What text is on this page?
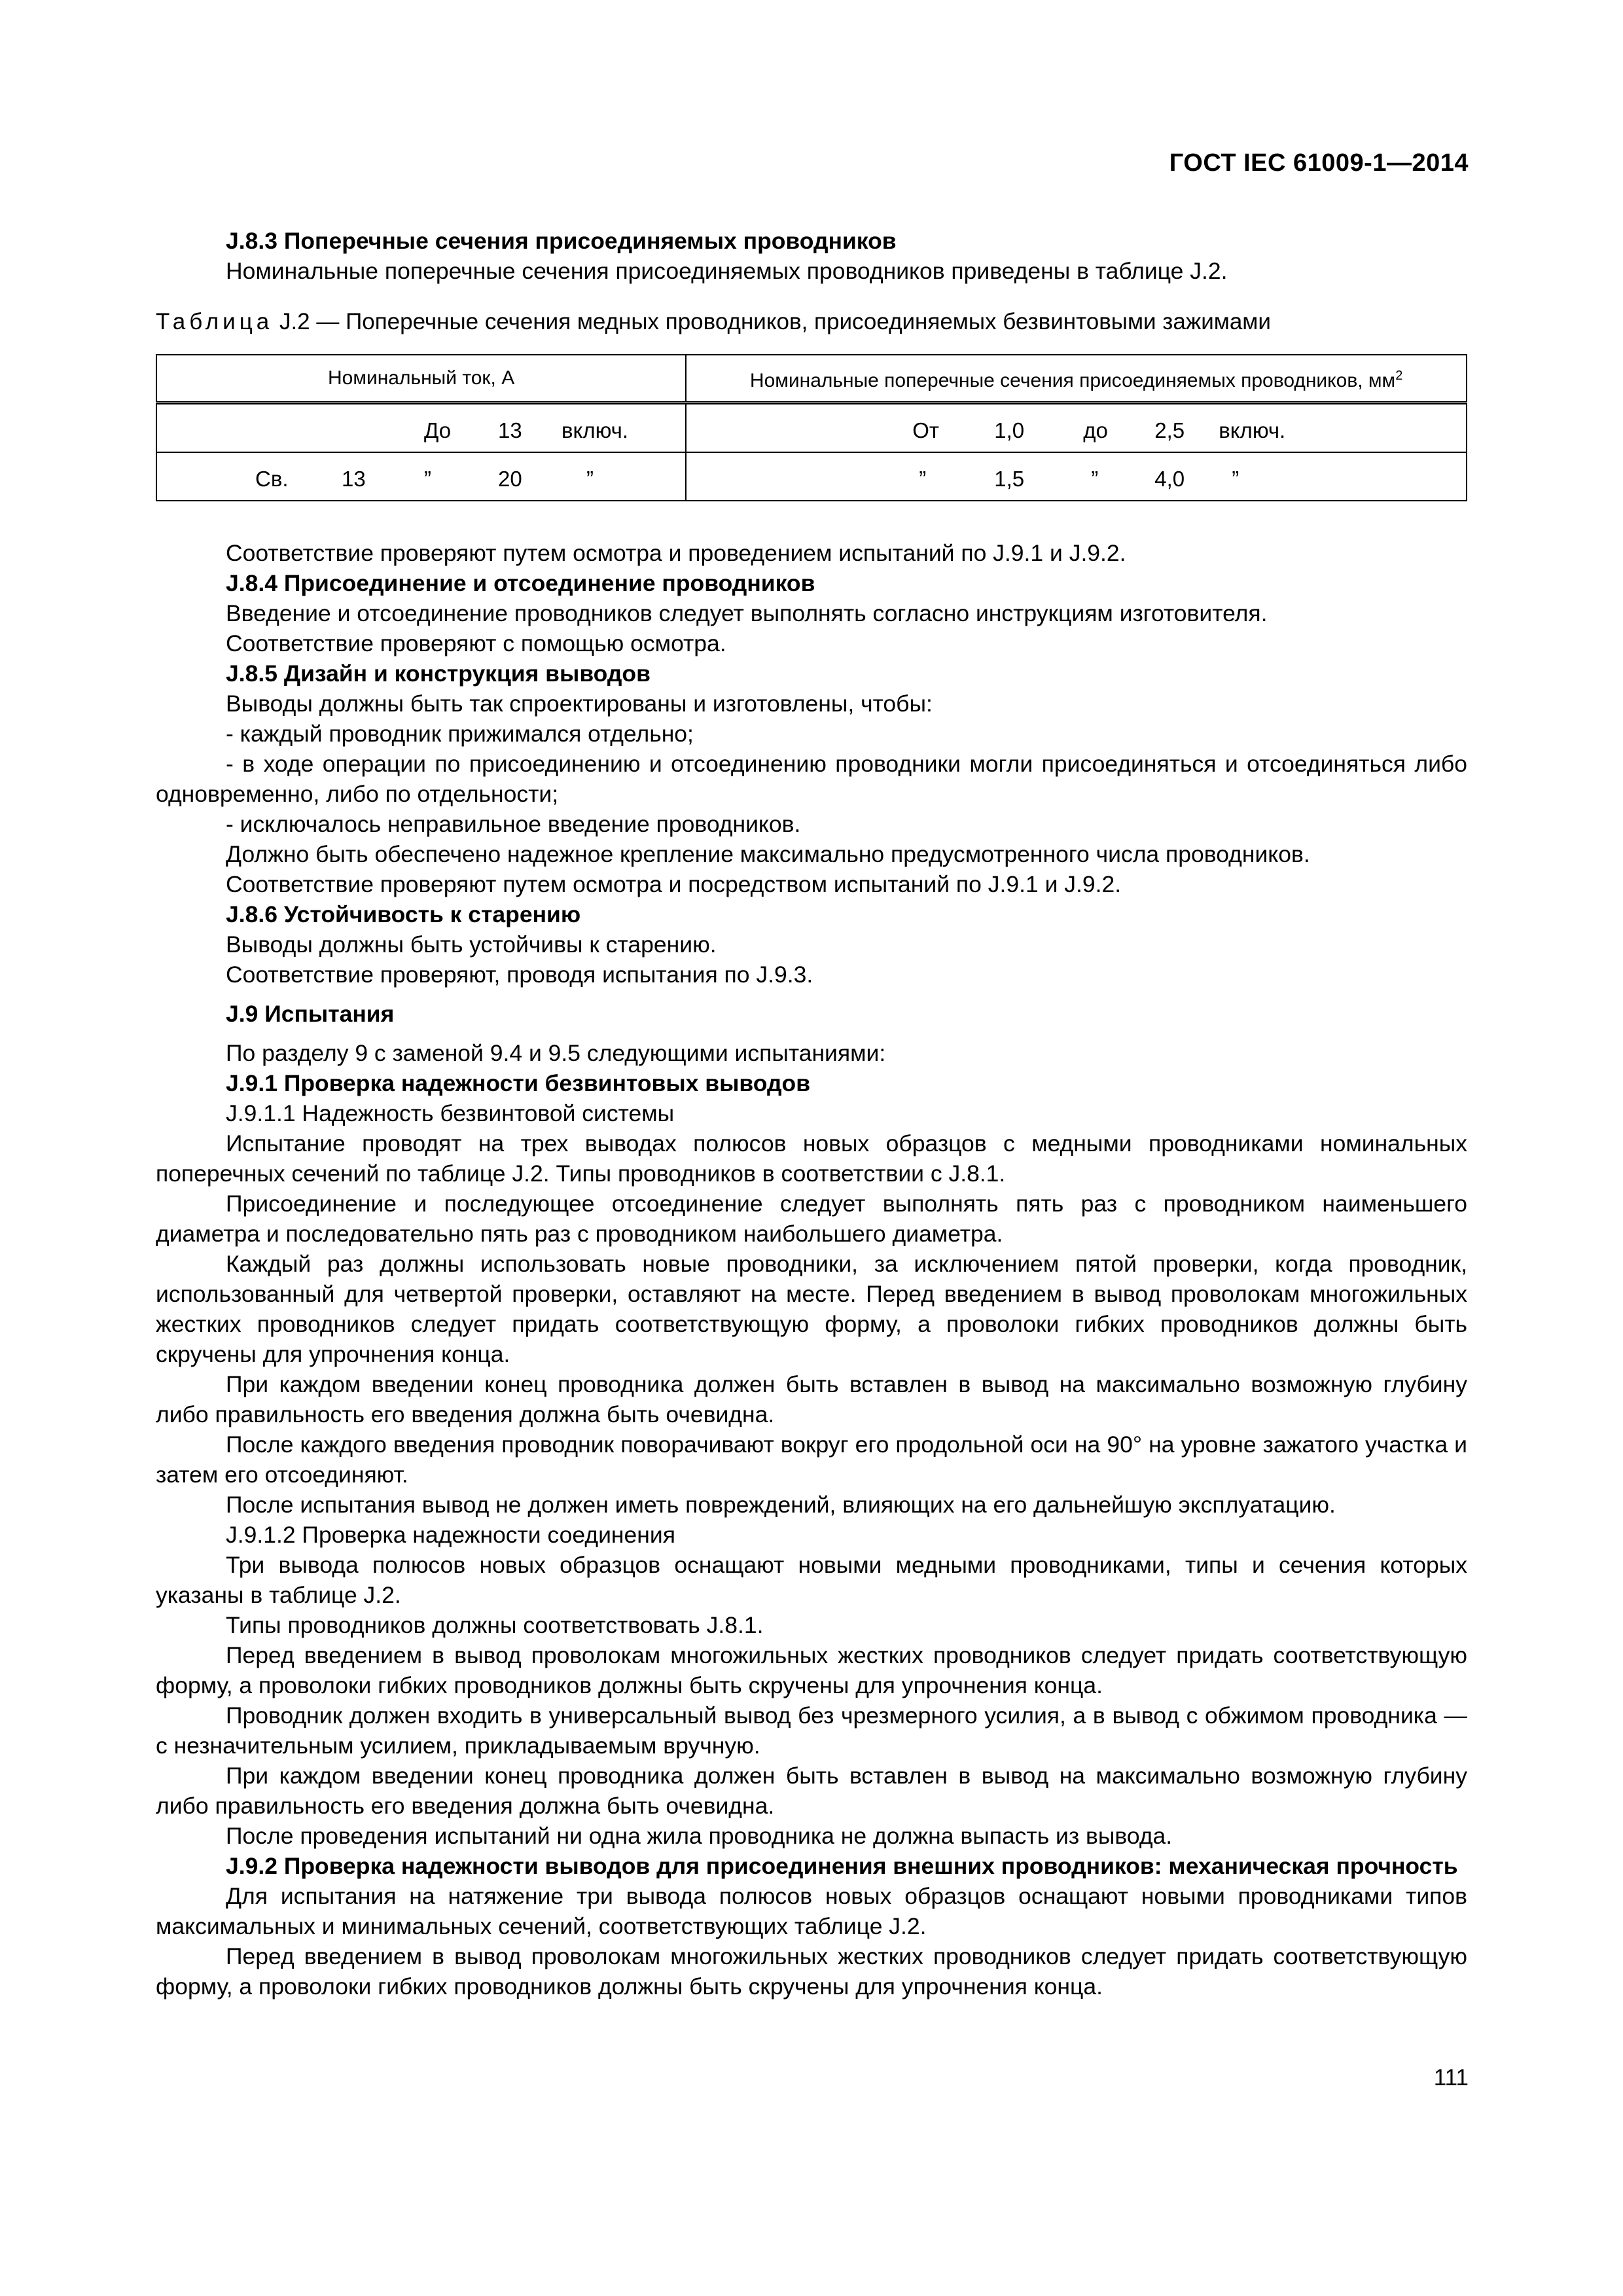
ГОСТ IEC 61009-1—2014

J.8.3 Поперечные сечения присоединяемых проводников

Номинальные поперечные сечения присоединяемых проводников приведены в таблице J.2.

Таблица J.2 — Поперечные сечения медных проводников, присоединяемых безвинтовыми зажимами

Номинальный ток, А	Номинальные поперечные сечения присоединяемых проводников, $мм^2$

До 13 включ.	От 1,0 до 2,5 включ.

Св. 13 ” 20 ”	” 1,5 ” 4,0 ”

Соответствие проверяют путем осмотра и проведением испытаний по J.9.1 и J.9.2.

J.8.4 Присоединение и отсоединение проводников

Введение и отсоединение проводников следует выполнять согласно инструкциям изготовителя.

Соответствие проверяют с помощью осмотра.

J.8.5 Дизайн и конструкция выводов

Выводы должны быть так спроектированы и изготовлены, чтобы:

- каждый проводник прижимался отдельно;

- в ходе операции по присоединению и отсоединению проводники могли присоединяться и отсоединяться либо одновременно, либо по отдельности;

- исключалось неправильное введение проводников.

Должно быть обеспечено надежное крепление максимально предусмотренного числа проводников.

Соответствие проверяют путем осмотра и посредством испытаний по J.9.1 и J.9.2.

J.8.6 Устойчивость к старению

Выводы должны быть устойчивы к старению.

Соответствие проверяют, проводя испытания по J.9.3.

J.9 Испытания

По разделу 9 с заменой 9.4 и 9.5 следующими испытаниями:

J.9.1 Проверка надежности безвинтовых выводов

J.9.1.1 Надежность безвинтовой системы

Испытание проводят на трех выводах полюсов новых образцов с медными проводниками номинальных поперечных сечений по таблице J.2. Типы проводников в соответствии с J.8.1.

Присоединение и последующее отсоединение следует выполнять пять раз с проводником наименьшего диаметра и последовательно пять раз с проводником наибольшего диаметра.

Каждый раз должны использовать новые проводники, за исключением пятой проверки, когда проводник, использованный для четвертой проверки, оставляют на месте. Перед введением в вывод проволокам многожильных жестких проводников следует придать соответствующую форму, а проволоки гибких проводников должны быть скручены для упрочнения конца.

При каждом введении конец проводника должен быть вставлен в вывод на максимально возможную глубину либо правильность его введения должна быть очевидна.

После каждого введения проводник поворачивают вокруг его продольной оси на 90° на уровне зажатого участка и затем его отсоединяют.

После испытания вывод не должен иметь повреждений, влияющих на его дальнейшую эксплуатацию.

J.9.1.2 Проверка надежности соединения

Три вывода полюсов новых образцов оснащают новыми медными проводниками, типы и сечения которых указаны в таблице J.2.

Типы проводников должны соответствовать J.8.1.

Перед введением в вывод проволокам многожильных жестких проводников следует придать соответствующую форму, а проволоки гибких проводников должны быть скручены для упрочнения конца.

Проводник должен входить в универсальный вывод без чрезмерного усилия, а в вывод с обжимом проводника — с незначительным усилием, прикладываемым вручную.

При каждом введении конец проводника должен быть вставлен в вывод на максимально возможную глубину либо правильность его введения должна быть очевидна.

После проведения испытаний ни одна жила проводника не должна выпасть из вывода.

J.9.2 Проверка надежности выводов для присоединения внешних проводников: механическая прочность

Для испытания на натяжение три вывода полюсов новых образцов оснащают новыми проводниками типов максимальных и минимальных сечений, соответствующих таблице J.2.

Перед введением в вывод проволокам многожильных жестких проводников следует придать соответствующую форму, а проволоки гибких проводников должны быть скручены для упрочнения конца.

111
